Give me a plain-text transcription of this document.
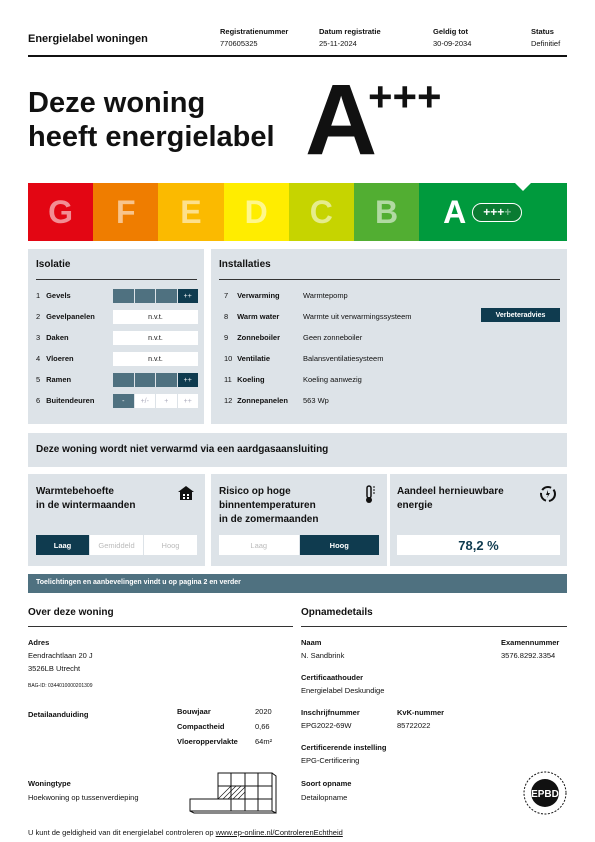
Energielabel woningen
Registratienummer
770605325
Datum registratie
25-11-2024
Geldig tot
30-09-2034
Status
Definitief
Deze woning
heeft energielabel A
+++
G F E D C B A	++++
Isolatie
1 Gevels	++
2 Gevelpanelen	n.v.t.
3 Daken	n.v.t.
4 Vloeren	n.v.t.
5 Ramen	++
6 Buitendeuren	-	+/-	+	++
Installaties
7 Verwarming	Warmtepomp
8 Warm water	Warmte uit verwarmingssysteem
9 Zonneboiler	Geen zonneboiler
10 Ventilatie	Balansventilatiesysteem
11 Koeling	Koeling aanwezig
12 Zonnepanelen 563 Wp
Verbeteradvies
Deze woning wordt niet verwarmd via een aardgasaansluiting
Warmtebehoefte
in de wintermaanden
Laag	Gemiddeld	Hoog
Risico op hoge
binnentemperaturen
in de zomermaanden
Laag	Hoog
Aandeel hernieuwbare
energie
78,2 %
Toelichtingen en aanbevelingen vindt u op pagina 2 en verder
Over deze woning
Adres
Eendrachtlaan 20 J
3526LB Utrecht
BAG-ID: 0344010000201309
Detailaanduiding	Bouwjaar	2020
Compactheid	0,66
Vloeroppervlakte 64m²
Woningtype
Hoekwoning op tussenverdieping
Opnamedetails
Naam
N. Sandbrink
Examennummer
3576.8292.3354
Certificaathouder
Energielabel Deskundige
Inschrijfnummer
EPG2022-69W
KvK-nummer
85722022
Certificerende instelling
EPG-Certificering
Soort opname
Detailopname	EPBD
U kunt de geldigheid van dit energielabel controleren op www.ep-online.nl/ControlerenEchtheid
